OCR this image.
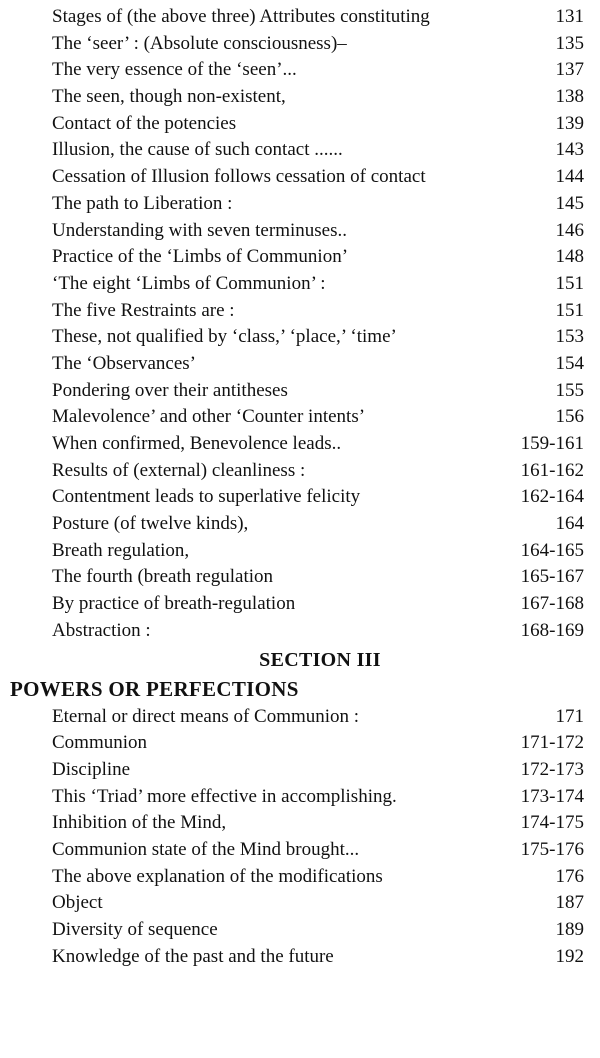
Stages of (the above three) Attributes constituting	131
The ‘seer’ : (Absolute consciousness)–	135
The very essence of the ‘seen’...	137
The seen, though non-existent,	138
Contact of the potencies	139
Illusion, the cause of such contact ......	143
Cessation of Illusion follows cessation of contact	144
The path to Liberation :	145
Understanding with seven terminuses..	146
Practice of the ‘Limbs of Communion’	148
‘The eight ‘Limbs of Communion’ :	151
The five Restraints are :	151
These, not qualified by ‘class,’ ‘place,’ ‘time’	153
The ‘Observances’	154
Pondering over their antitheses	155
Malevolence’ and other ‘Counter intents’	156
When confirmed, Benevolence leads..	159-161
Results of (external) cleanliness :	161-162
Contentment leads to superlative felicity	162-164
Posture (of twelve kinds),	164
Breath regulation,	164-165
The fourth (breath regulation	165-167
By practice of breath-regulation	167-168
Abstraction :	168-169
SECTION III
POWERS OR PERFECTIONS
Eternal or direct means of Communion :	171
Communion	171-172
Discipline	172-173
This ‘Triad’ more effective in accomplishing.	173-174
Inhibition of the Mind,	174-175
Communion state of the Mind brought...	175-176
The above explanation of the modifications	176
Object	187
Diversity of sequence	189
Knowledge of the past and the future	192
